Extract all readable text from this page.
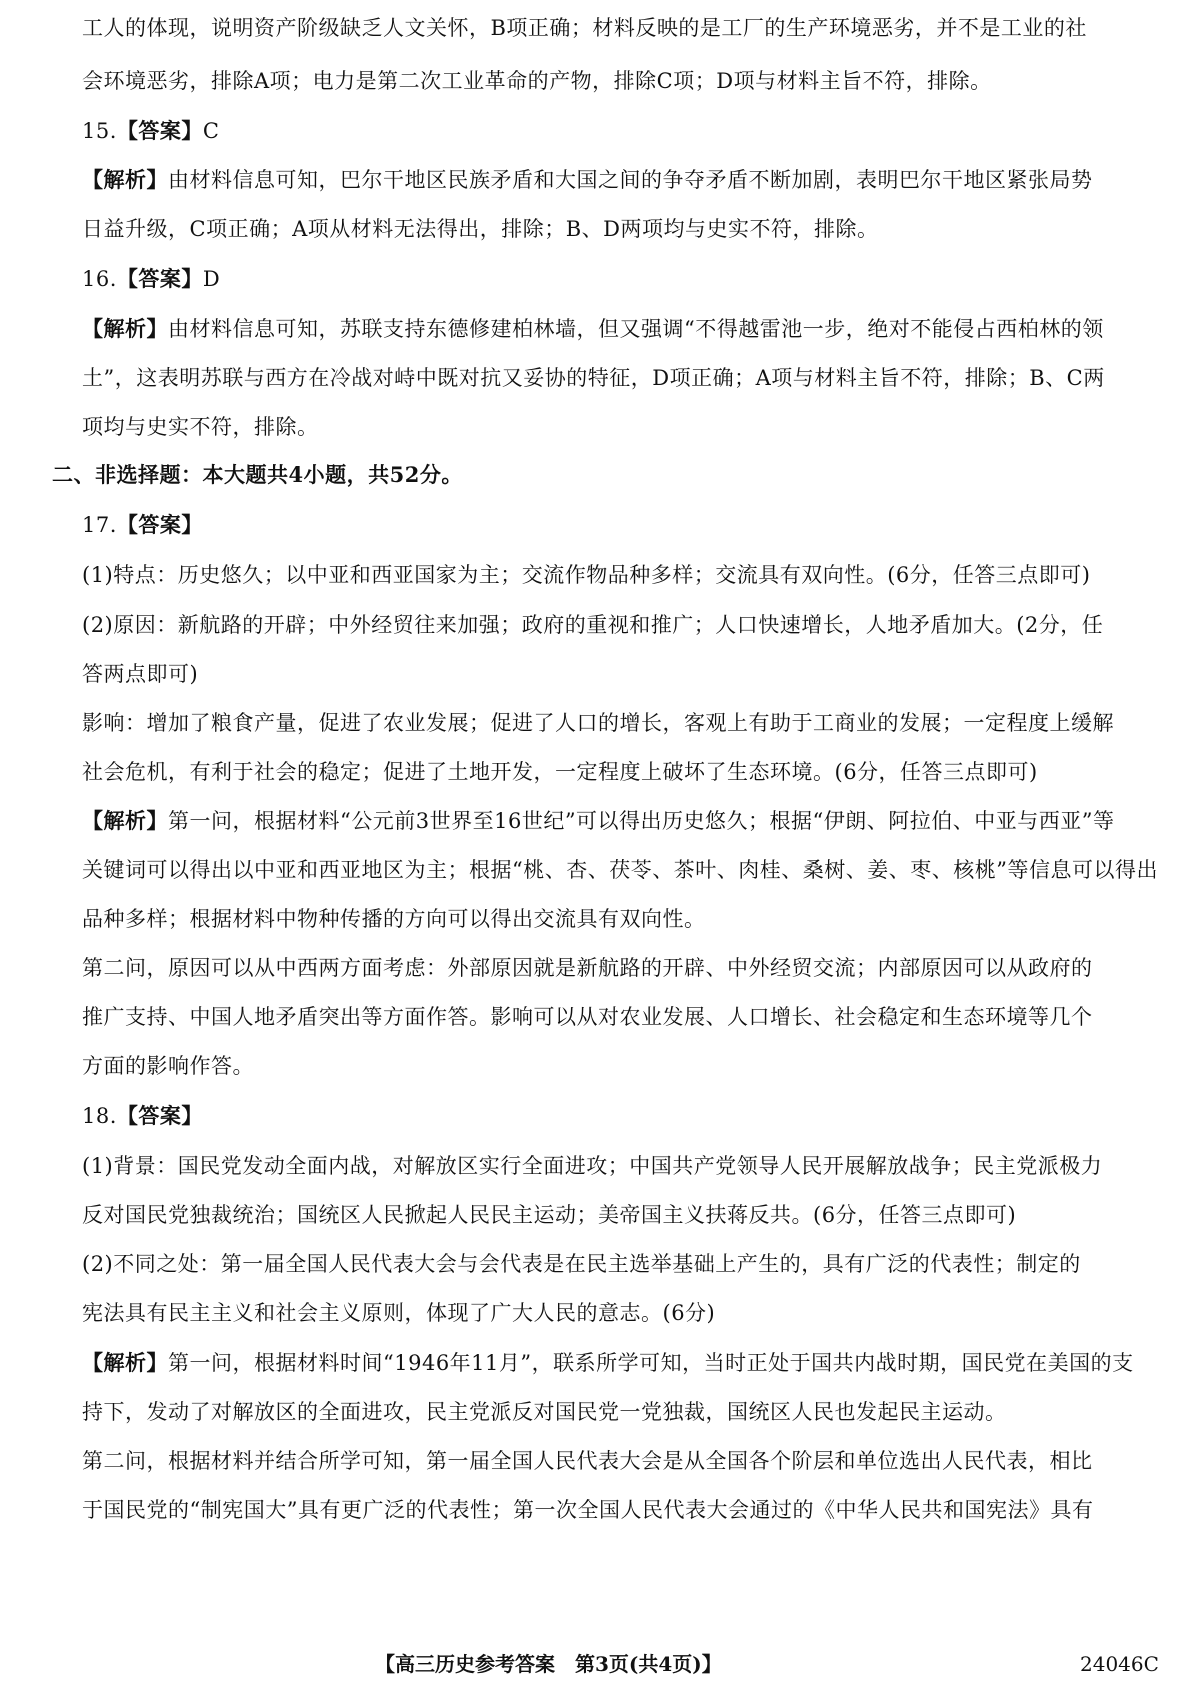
工人的体现，说明资产阶级缺乏人文关怀，B项正确；材料反映的是工厂的生产环境恶劣，并不是工业的社
会环境恶劣，排除A项；电力是第二次工业革命的产物，排除C项；D项与材料主旨不符，排除。
15.【答案】C
【解析】由材料信息可知，巴尔干地区民族矛盾和大国之间的争夺矛盾不断加剧，表明巴尔干地区紧张局势
日益升级，C项正确；A项从材料无法得出，排除；B、D两项均与史实不符，排除。
16.【答案】D
【解析】由材料信息可知，苏联支持东德修建柏林墙，但又强调“不得越雷池一步，绝对不能侵占西柏林的领
土”，这表明苏联与西方在冷战对峙中既对抗又妥协的特征，D项正确；A项与材料主旨不符，排除；B、C两
项均与史实不符，排除。
二、非选择题：本大题共4小题，共52分。
17.【答案】
(1)特点：历史悠久；以中亚和西亚国家为主；交流作物品种多样；交流具有双向性。(6分，任答三点即可)
(2)原因：新航路的开辟；中外经贸往来加强；政府的重视和推广；人口快速增长，人地矛盾加大。(2分，任
答两点即可)
影响：增加了粮食产量，促进了农业发展；促进了人口的增长，客观上有助于工商业的发展；一定程度上缓解
社会危机，有利于社会的稳定；促进了土地开发，一定程度上破坏了生态环境。(6分，任答三点即可)
【解析】第一问，根据材料“公元前3世界至16世纪”可以得出历史悠久；根据“伊朗、阿拉伯、中亚与西亚”等
关键词可以得出以中亚和西亚地区为主；根据“桃、杏、茯苓、茶叶、肉桂、桑树、姜、枣、核桃”等信息可以得出
品种多样；根据材料中物种传播的方向可以得出交流具有双向性。
第二问，原因可以从中西两方面考虑：外部原因就是新航路的开辟、中外经贸交流；内部原因可以从政府的
推广支持、中国人地矛盾突出等方面作答。影响可以从对农业发展、人口增长、社会稳定和生态环境等几个
方面的影响作答。
18.【答案】
(1)背景：国民党发动全面内战，对解放区实行全面进攻；中国共产党领导人民开展解放战争；民主党派极力
反对国民党独裁统治；国统区人民掀起人民民主运动；美帝国主义扶蒋反共。(6分，任答三点即可)
(2)不同之处：第一届全国人民代表大会与会代表是在民主选举基础上产生的，具有广泛的代表性；制定的
宪法具有民主主义和社会主义原则，体现了广大人民的意志。(6分)
【解析】第一问，根据材料时间“1946年11月”，联系所学可知，当时正处于国共内战时期，国民党在美国的支
持下，发动了对解放区的全面进攻，民主党派反对国民党一党独裁，国统区人民也发起民主运动。
第二问，根据材料并结合所学可知，第一届全国人民代表大会是从全国各个阶层和单位选出人民代表，相比
于国民党的“制宪国大”具有更广泛的代表性；第一次全国人民代表大会通过的《中华人民共和国宪法》具有
【高三历史参考答案　第3页(共4页)】	24046C
